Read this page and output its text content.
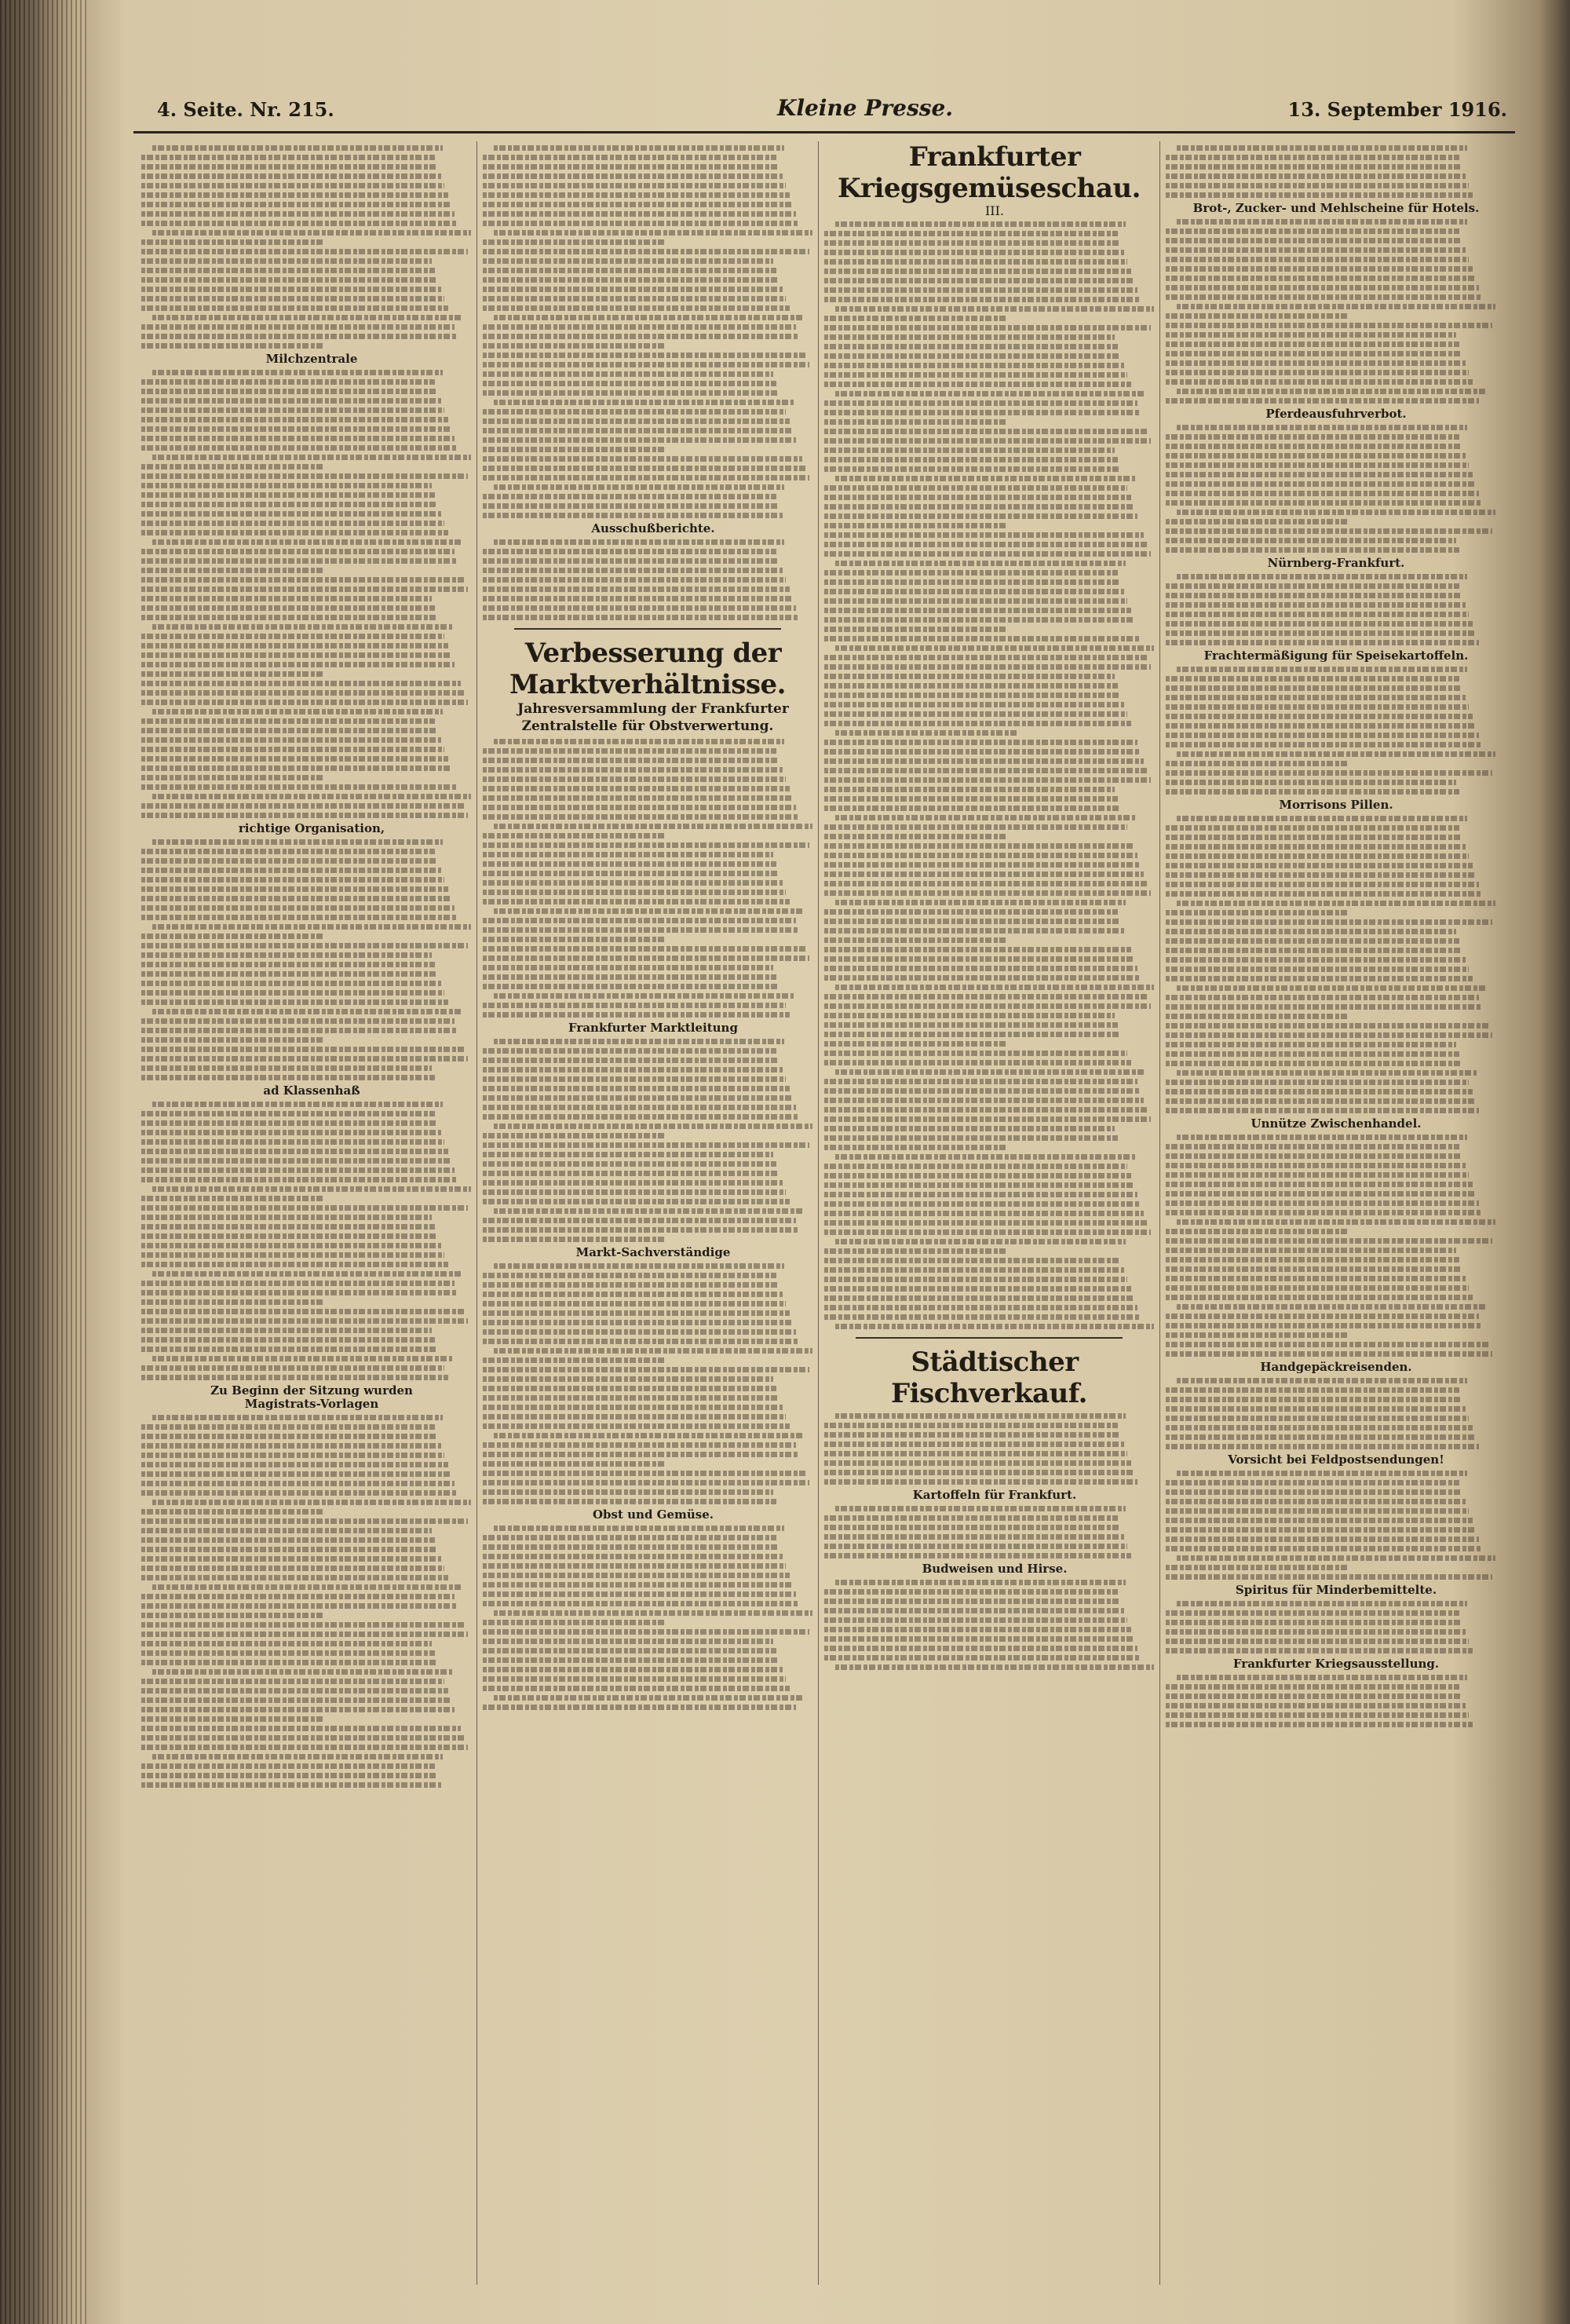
4. Seite. Nr. 215.	Kleine Presse.	13. September 1916.

Milchzentrale

richtige Organisation,

ad Klassenhaß

Zu Beginn der Sitzung wurden

Magistrats-Vorlagen

Ausschußberichte.

Verbesserung der Marktverhältnisse.

Jahresversammlung der Frankfurter Zentralstelle für Obstverwertung.

Frankfurter Marktleitung

Markt-Sachverständige

Obst und Gemüse.

Frankfurter Kriegsgemüseschau.

III.

Städtischer Fischverkauf.

Kartoffeln für Frankfurt.

Budweisen und Hirse.

Brot-, Zucker- und Mehlscheine für Hotels.

Pferdeausfuhrverbot.

Nürnberg-Frankfurt.

Frachtermäßigung für Speisekartoffeln.

Morrisons Pillen.

Unnütze Zwischenhandel.

Handgepäckreisenden.

Vorsicht bei Feldpostsendungen!

Spiritus für Minderbemittelte.

Frankfurter Kriegsausstellung.
